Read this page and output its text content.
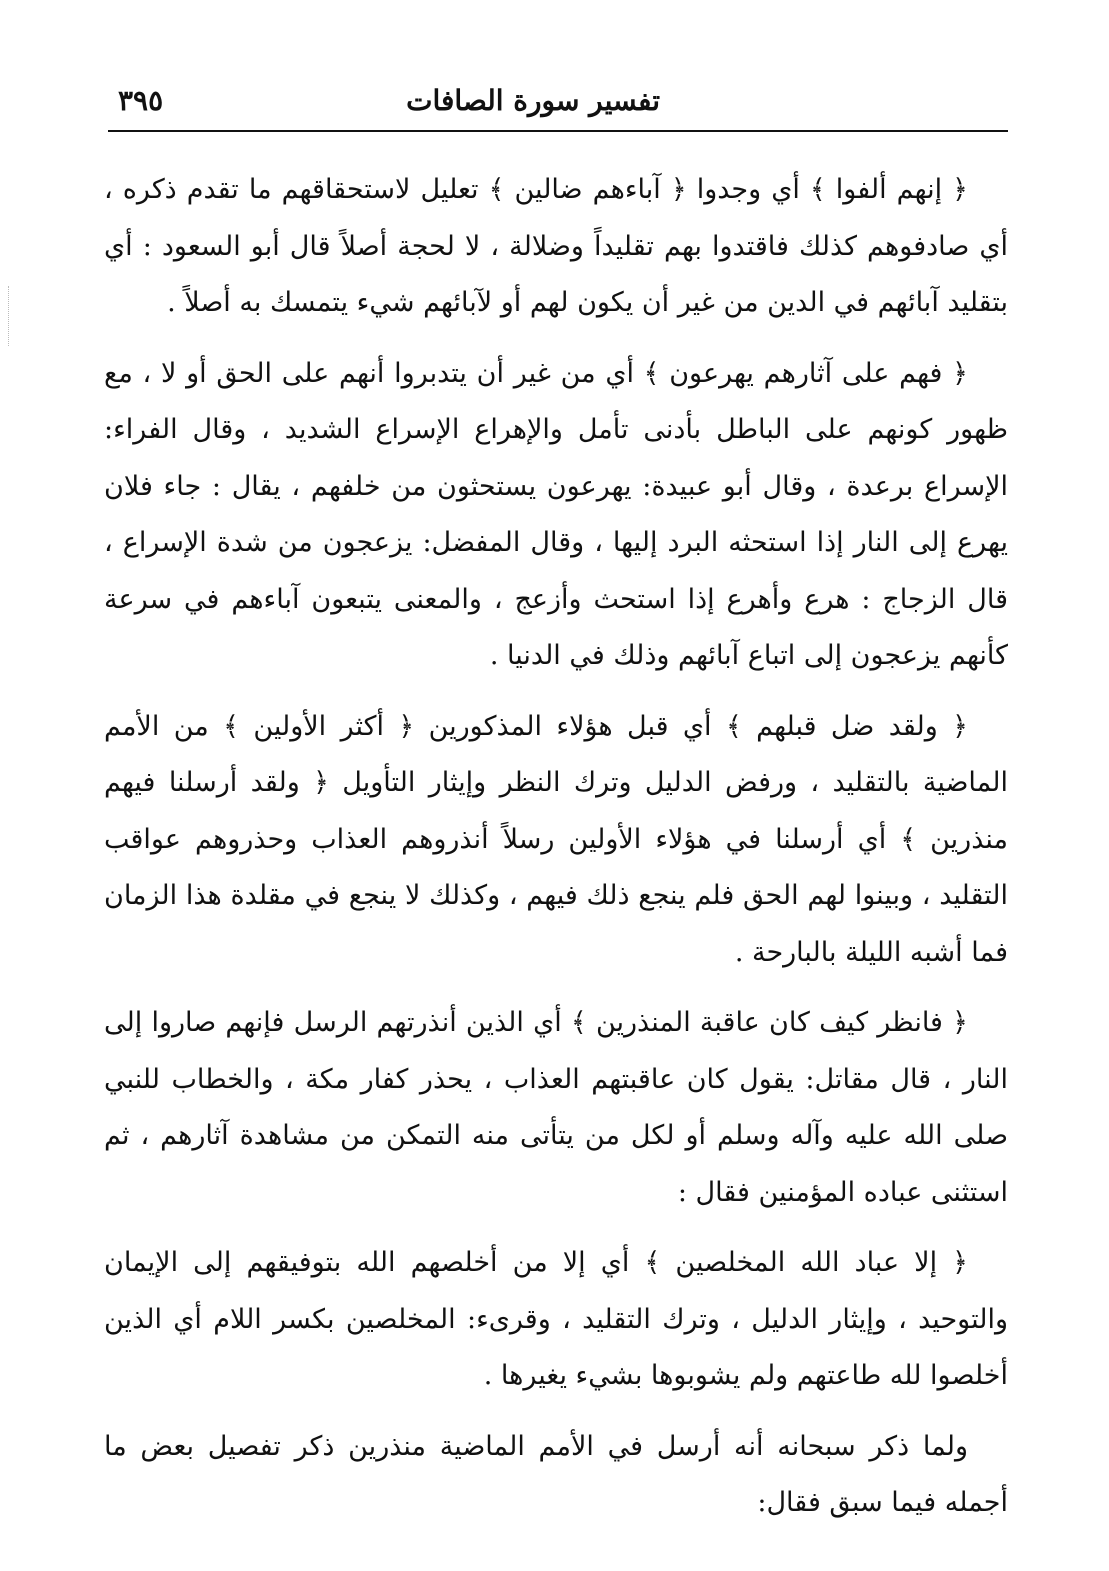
تفسير سورة الصافات
٣٩٥

﴿ إنهم ألفوا ﴾ أي وجدوا ﴿ آباءهم ضالين ﴾ تعليل لاستحقاقهم ما تقدم ذكره ، أي صادفوهم كذلك فاقتدوا بهم تقليداً وضلالة ، لا لحجة أصلاً قال أبو السعود : أي بتقليد آبائهم في الدين من غير أن يكون لهم أو لآبائهم شيء يتمسك به أصلاً .

﴿ فهم على آثارهم يهرعون ﴾ أي من غير أن يتدبروا أنهم على الحق أو لا ، مع ظهور كونهم على الباطل بأدنى تأمل والإهراع الإسراع الشديد ، وقال الفراء: الإسراع برعدة ، وقال أبو عبيدة: يهرعون يستحثون من خلفهم ، يقال : جاء فلان يهرع إلى النار إذا استحثه البرد إليها ، وقال المفضل: يزعجون من شدة الإسراع ، قال الزجاج : هرع وأهرع إذا استحث وأزعج ، والمعنى يتبعون آباءهم في سرعة كأنهم يزعجون إلى اتباع آبائهم وذلك في الدنيا .

﴿ ولقد ضل قبلهم ﴾ أي قبل هؤلاء المذكورين ﴿ أكثر الأولين ﴾ من الأمم الماضية بالتقليد ، ورفض الدليل وترك النظر وإيثار التأويل ﴿ ولقد أرسلنا فيهم منذرين ﴾ أي أرسلنا في هؤلاء الأولين رسلاً أنذروهم العذاب وحذروهم عواقب التقليد ، وبينوا لهم الحق فلم ينجع ذلك فيهم ، وكذلك لا ينجع في مقلدة هذا الزمان فما أشبه الليلة بالبارحة .

﴿ فانظر كيف كان عاقبة المنذرين ﴾ أي الذين أنذرتهم الرسل فإنهم صاروا إلى النار ، قال مقاتل: يقول كان عاقبتهم العذاب ، يحذر كفار مكة ، والخطاب للنبي صلى الله عليه وآله وسلم أو لكل من يتأتى منه التمكن من مشاهدة آثارهم ، ثم استثنى عباده المؤمنين فقال :

﴿ إلا عباد الله المخلصين ﴾ أي إلا من أخلصهم الله بتوفيقهم إلى الإيمان والتوحيد ، وإيثار الدليل ، وترك التقليد ، وقرىء: المخلصين بكسر اللام أي الذين أخلصوا لله طاعتهم ولم يشوبوها بشيء يغيرها .

ولما ذكر سبحانه أنه أرسل في الأمم الماضية منذرين ذكر تفصيل بعض ما أجمله فيما سبق فقال:
